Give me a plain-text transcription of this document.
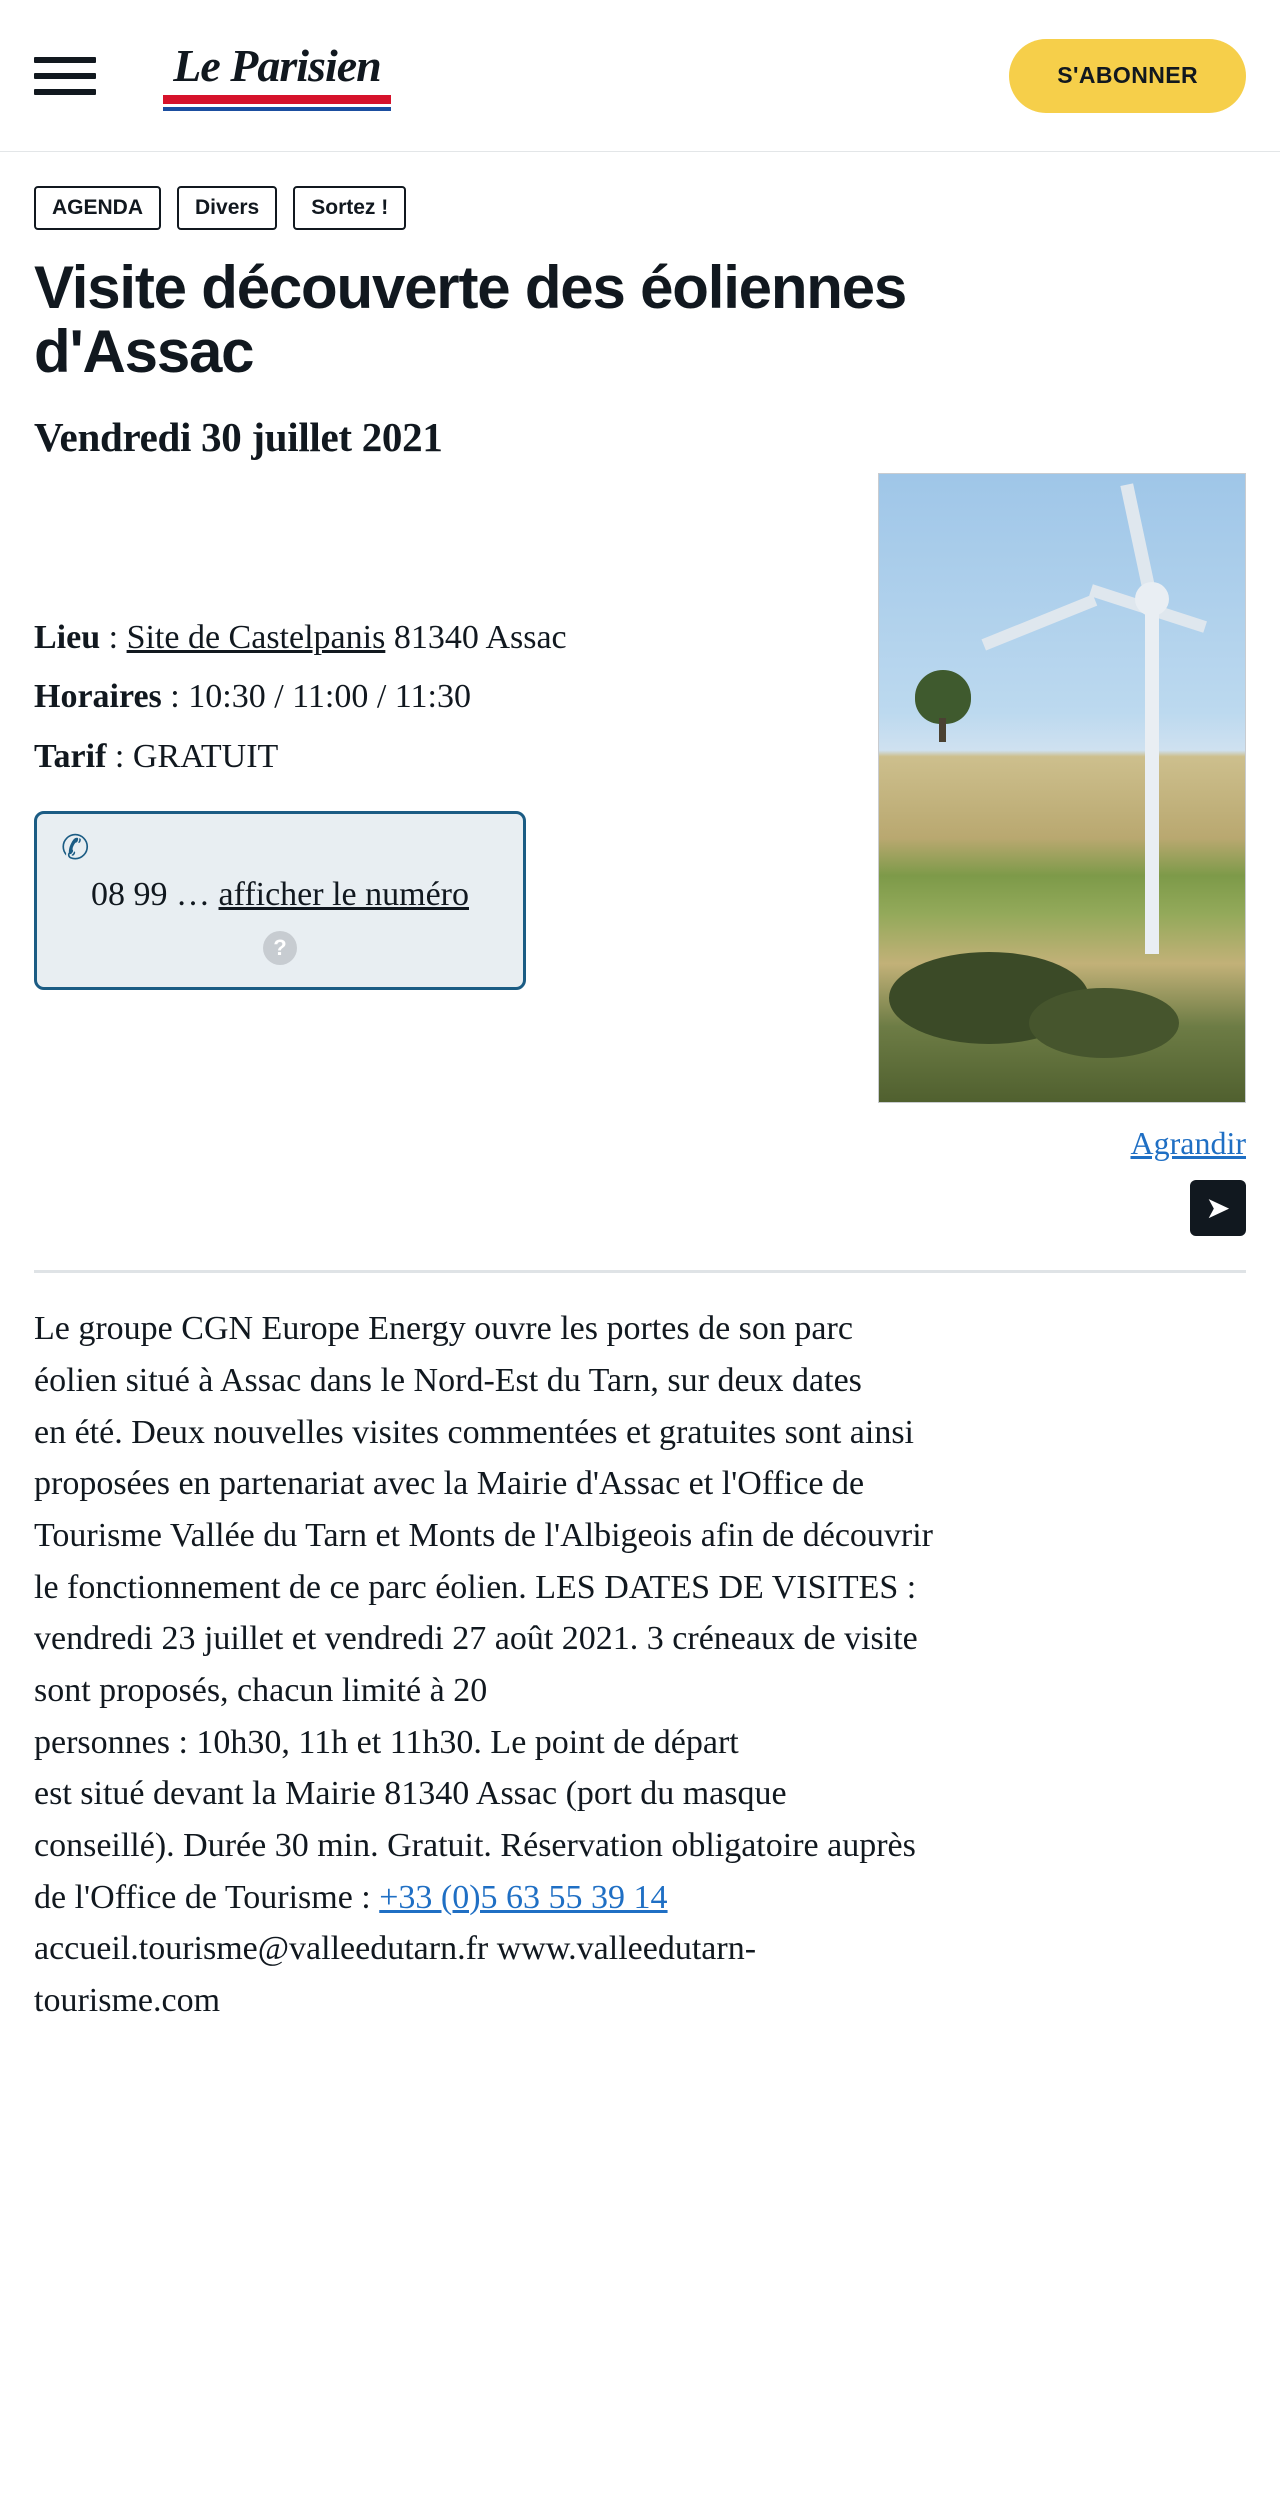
Le Parisien	S'ABONNER
AGENDA	Divers	Sortez !
Visite découverte des éoliennes d'Assac
Vendredi 30 juillet 2021
Lieu : Site de Castelpanis 81340 Assac
Horaires : 10:30 / 11:00 / 11:30
Tarif : GRATUIT
✆
08 99 … afficher le numéro
?
Agrandir
➤
Le groupe CGN Europe Energy ouvre les portes de son parc
éolien situé à Assac dans le Nord-Est du Tarn, sur deux dates
en été. Deux nouvelles visites commentées et gratuites sont ainsi
proposées en partenariat avec la Mairie d'Assac et l'Office de
Tourisme Vallée du Tarn et Monts de l'Albigeois afin de découvrir
le fonctionnement de ce parc éolien. LES DATES DE VISITES :
vendredi 23 juillet et vendredi 27 août 2021. 3 créneaux de visite
sont proposés, chacun limité à 20
personnes : 10h30, 11h et 11h30. Le point de départ
est situé devant la Mairie 81340 Assac (port du masque
conseillé). Durée 30 min. Gratuit. Réservation obligatoire auprès
de l'Office de Tourisme : +33 (0)5 63 55 39 14
accueil.tourisme@valleedutarn.fr www.valleedutarn-
tourisme.com
